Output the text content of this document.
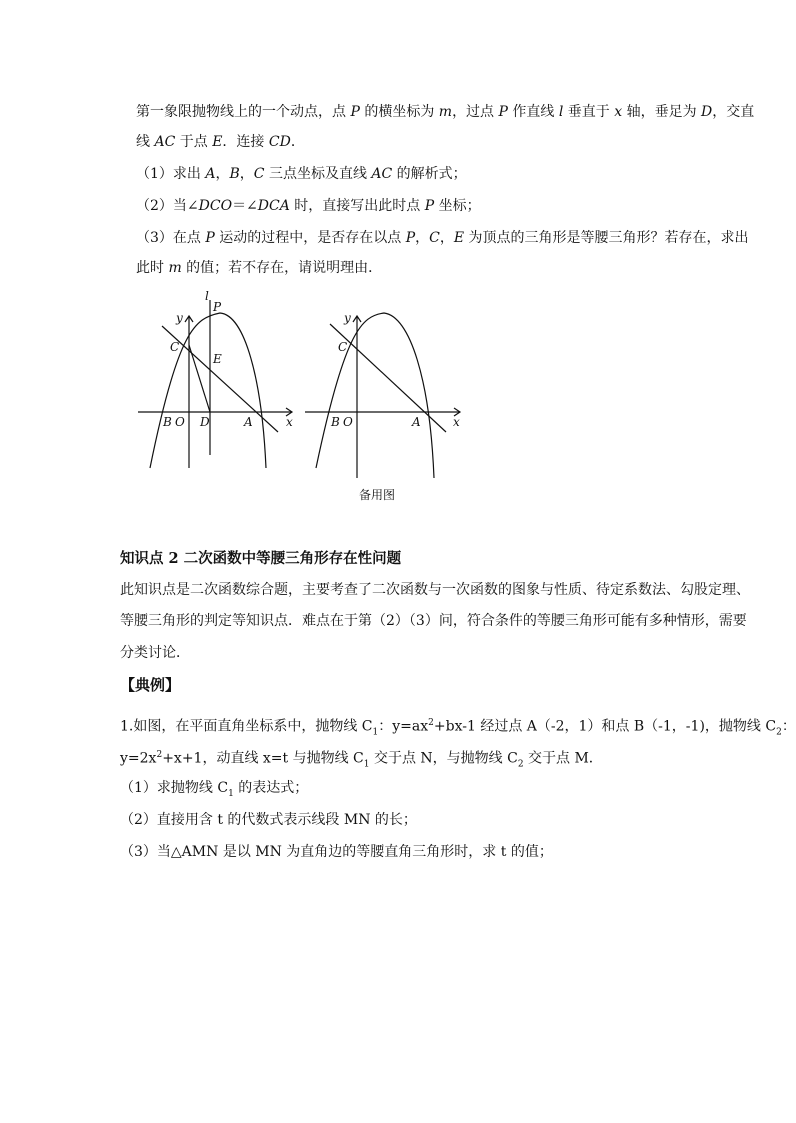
第一象限抛物线上的一个动点，点 P 的横坐标为 m，过点 P 作直线 l 垂直于 x 轴，垂足为 D，交直
线 AC 于点 E．连接 CD．
（1）求出 A，B，C 三点坐标及直线 AC 的解析式；
（2）当∠DCO＝∠DCA 时，直接写出此时点 P 坐标；
（3）在点 P 运动的过程中，是否存在以点 P，C，E 为顶点的三角形是等腰三角形？若存在，求出
此时 m 的值；若不存在，请说明理由．
l
P
y
C
E
B O D	A	x
y
C
B O	A	x
备用图
知识点 2 二次函数中等腰三角形存在性问题
此知识点是二次函数综合题，主要考查了二次函数与一次函数的图象与性质、待定系数法、勾股定理、
等腰三角形的判定等知识点．难点在于第（2）（3）问，符合条件的等腰三角形可能有多种情形，需要
分类讨论．
【典例】
1.如图，在平面直角坐标系中，抛物线 $C_1$：$y=ax^2+bx-1$ 经过点 A（-2，1）和点 B（-1，-1)，抛物线 $C_2$：
$y=2x^2+x+1$，动直线 x=t 与抛物线 $C_1$ 交于点 N，与抛物线 $C_2$ 交于点 M．
（1）求抛物线 $C_1$ 的表达式；
（2）直接用含 t 的代数式表示线段 MN 的长；
（3）当△AMN 是以 MN 为直角边的等腰直角三角形时，求 t 的值；
